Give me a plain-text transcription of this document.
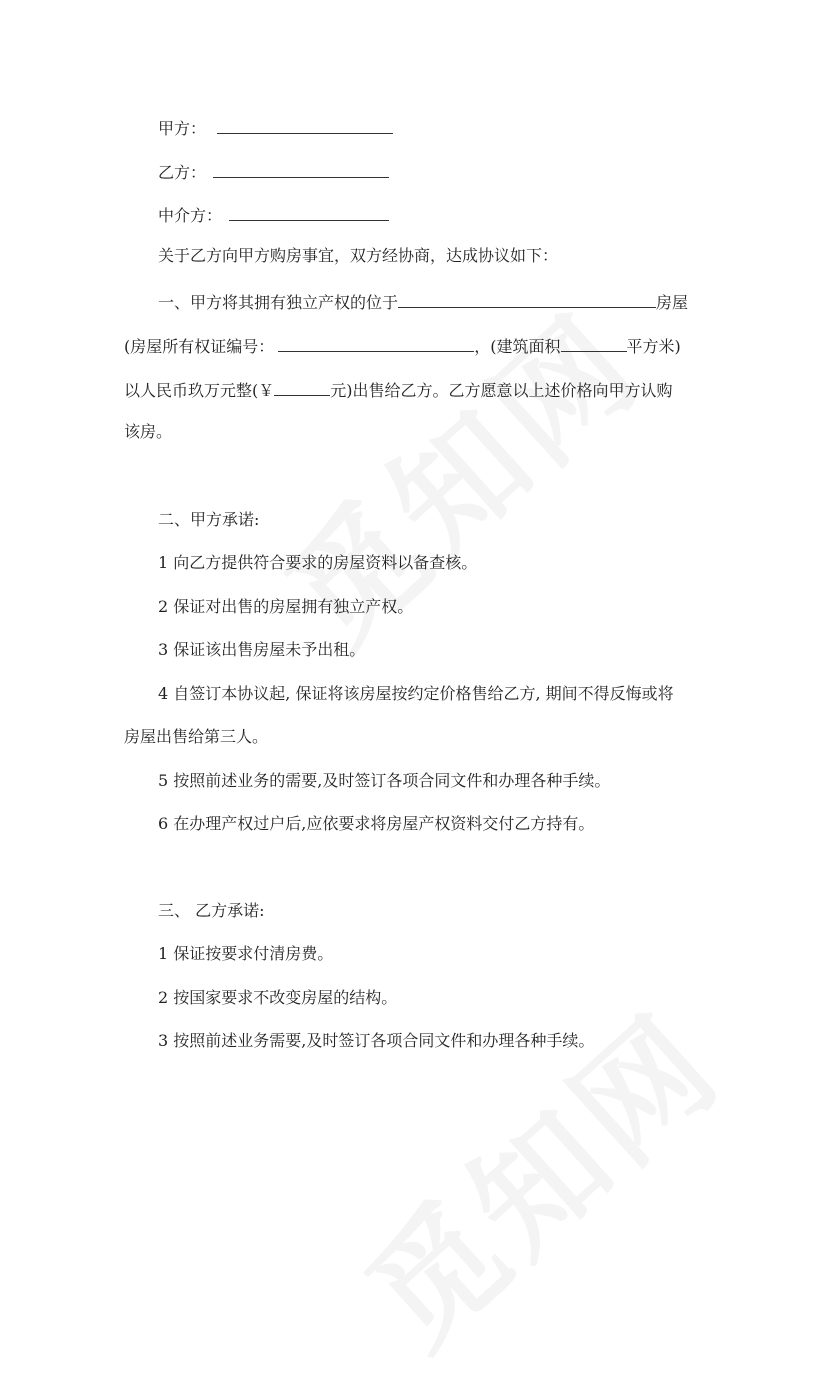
甲方：
乙方：
中介方：
关于乙方向甲方购房事宜，双方经协商，达成协议如下：
一、甲方将其拥有独立产权的位于	房屋
(房屋所有权证编号：	，(建筑面积	平方米)
以人民币玖万元整(￥	元)出售给乙方。乙方愿意以上述价格向甲方认购
该房。
二、甲方承诺:
1 向乙方提供符合要求的房屋资料以备查核。
2 保证对出售的房屋拥有独立产权。
3 保证该出售房屋未予出租。
4 自签订本协议起, 保证将该房屋按约定价格售给乙方, 期间不得反悔或将
房屋出售给第三人。
5 按照前述业务的需要,及时签订各项合同文件和办理各种手续。
6 在办理产权过户后,应依要求将房屋产权资料交付乙方持有。
三、 乙方承诺:
1 保证按要求付清房费。
2 按国家要求不改变房屋的结构。
3 按照前述业务需要,及时签订各项合同文件和办理各种手续。
